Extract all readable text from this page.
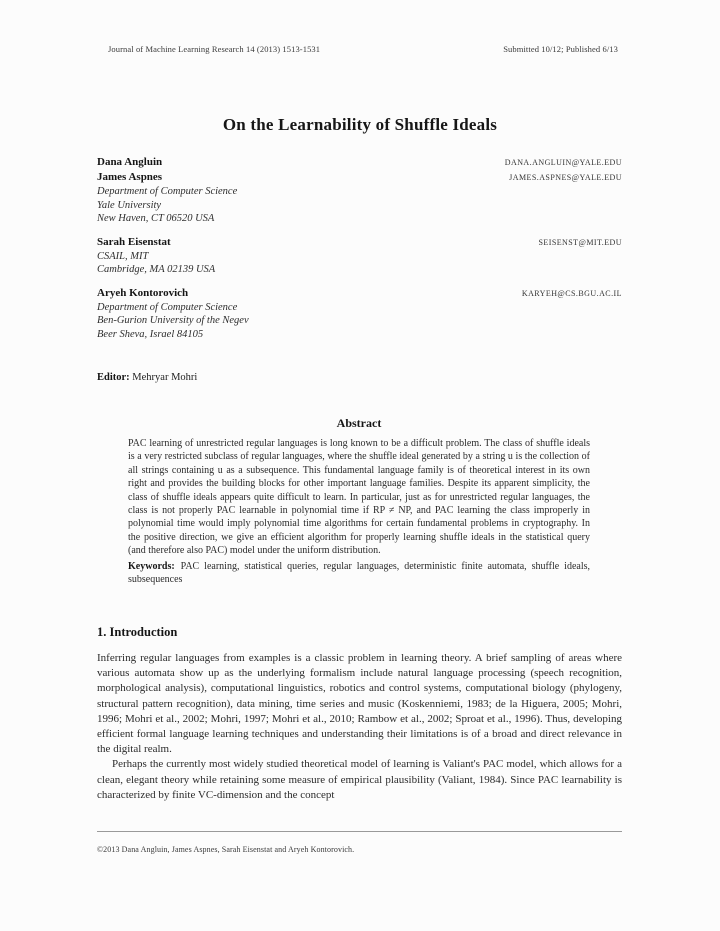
Journal of Machine Learning Research 14 (2013) 1513-1531	Submitted 10/12; Published 6/13
On the Learnability of Shuffle Ideals
Dana Angluin	DANA.ANGLUIN@YALE.EDU
James Aspnes	JAMES.ASPNES@YALE.EDU
Department of Computer Science
Yale University
New Haven, CT 06520 USA
Sarah Eisenstat	SEISENST@MIT.EDU
CSAIL, MIT
Cambridge, MA 02139 USA
Aryeh Kontorovich	KARYEH@CS.BGU.AC.IL
Department of Computer Science
Ben-Gurion University of the Negev
Beer Sheva, Israel 84105
Editor: Mehryar Mohri
Abstract

PAC learning of unrestricted regular languages is long known to be a difficult problem. The class of shuffle ideals is a very restricted subclass of regular languages, where the shuffle ideal generated by a string u is the collection of all strings containing u as a subsequence. This fundamental language family is of theoretical interest in its own right and provides the building blocks for other important language families. Despite its apparent simplicity, the class of shuffle ideals appears quite difficult to learn. In particular, just as for unrestricted regular languages, the class is not properly PAC learnable in polynomial time if RP ≠ NP, and PAC learning the class improperly in polynomial time would imply polynomial time algorithms for certain fundamental problems in cryptography. In the positive direction, we give an efficient algorithm for properly learning shuffle ideals in the statistical query (and therefore also PAC) model under the uniform distribution.

Keywords: PAC learning, statistical queries, regular languages, deterministic finite automata, shuffle ideals, subsequences

1. Introduction

Inferring regular languages from examples is a classic problem in learning theory. A brief sampling of areas where various automata show up as the underlying formalism include natural language processing (speech recognition, morphological analysis), computational linguistics, robotics and control systems, computational biology (phylogeny, structural pattern recognition), data mining, time series and music (Koskenniemi, 1983; de la Higuera, 2005; Mohri, 1996; Mohri et al., 2002; Mohri, 1997; Mohri et al., 2010; Rambow et al., 2002; Sproat et al., 1996). Thus, developing efficient formal language learning techniques and understanding their limitations is of a broad and direct relevance in the digital realm.

Perhaps the currently most widely studied theoretical model of learning is Valiant's PAC model, which allows for a clean, elegant theory while retaining some measure of empirical plausibility (Valiant, 1984). Since PAC learnability is characterized by finite VC-dimension and the concept

©2013 Dana Angluin, James Aspnes, Sarah Eisenstat and Aryeh Kontorovich.
